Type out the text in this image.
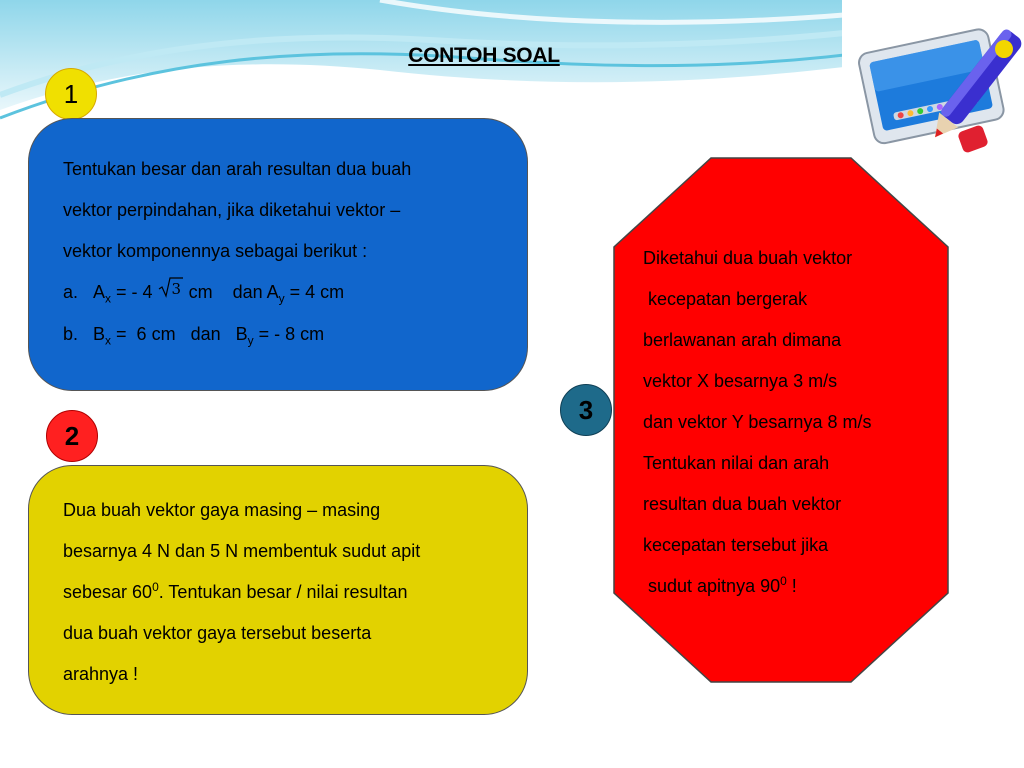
CONTOH SOAL
1

Tentukan besar dan arah resultan dua buah

vektor perpindahan, jika diketahui vektor –

vektor komponennya sebagai berikut :

a. $A_x$ = - 4 3 cm dan $A_y = 4$ cm

b. $B_x = 6$ cm dan   $B_y$ = - 8 cm

2

Dua buah vektor gaya masing – masing

besarnya 4 N dan 5 N membentuk sudut apit

sebesar $60^0$. Tentukan besar / nilai resultan

dua buah vektor gaya tersebut beserta

arahnya !

3

Diketahui dua buah vektor

kecepatan bergerak

berlawanan arah dimana

vektor X besarnya 3 m/s

dan vektor Y besarnya 8 m/s

Tentukan nilai dan arah

resultan dua buah vektor

kecepatan tersebut jika

sudut apitnya $90^0$ !
